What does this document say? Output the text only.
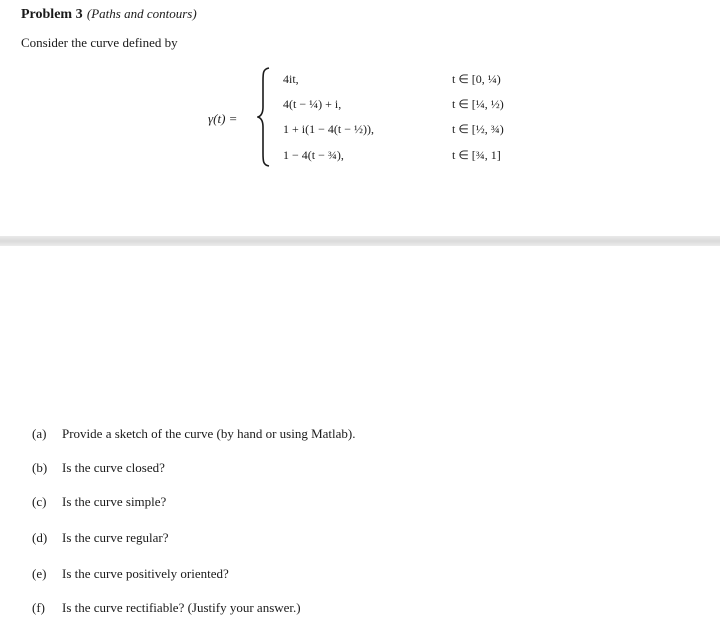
Problem 3 (Paths and contours)
Consider the curve defined by
γ(t) =
4it,
4(t − ¼) + i,
1 + i(1 − 4(t − ½)),
1 − 4(t − ¾),
t ∈ [0, ¼)
t ∈ [¼, ½)
t ∈ [½, ¾)
t ∈ [¾, 1]
(a) Provide a sketch of the curve (by hand or using Matlab).
(b) Is the curve closed?
(c) Is the curve simple?
(d) Is the curve regular?
(e) Is the curve positively oriented?
(f) Is the curve rectifiable? (Justify your answer.)
